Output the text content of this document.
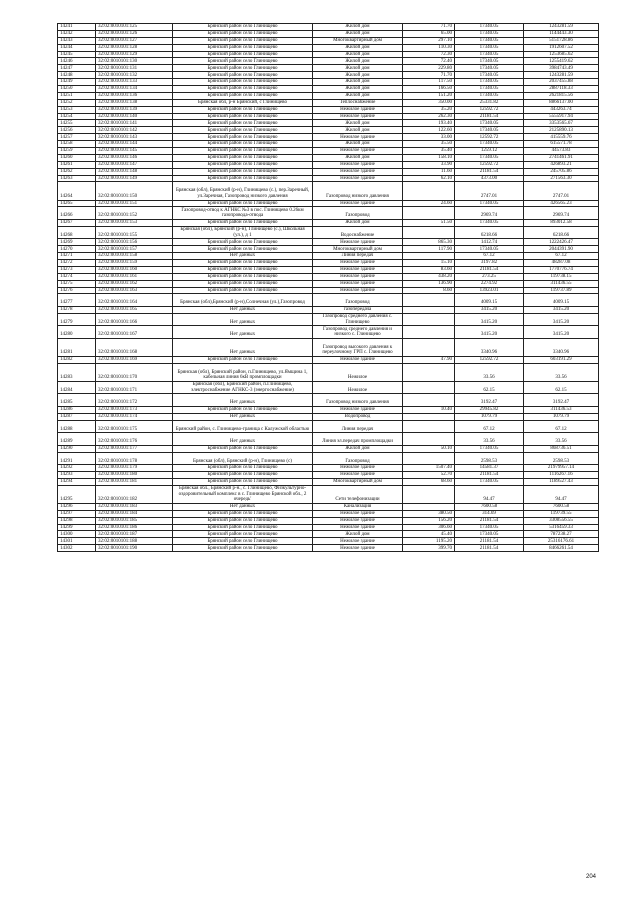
14241	32:02:0010101:125	Брянский район село Глинищево	Жилой дом	71.70	17340.05	1243281.59
14242	32:02:0010101:126	Брянский район село Глинищево	Жилой дом	65.00	17340.05	1144443.30
14243	32:02:0010101:127	Брянский район село Глинищево	Многоквартирный дом	297.10	17340.05	5151728.86
14244	32:02:0010101:128	Брянский район село Глинищево	Жилой дом	110.30	17340.05	1912607.52
14245	32:02:0010101:129	Брянский район село Глинищево	Жилой дом	72.30	17340.05	1253685.62
14246	32:02:0010101:130	Брянский район село Глинищево	Жилой дом	72.40	17340.05	1255419.62
14247	32:02:0010101:131	Брянский район село Глинищево	Жилой дом	229.80	17340.05	3984743.49
14248	32:02:0010101:132	Брянский район село Глинищево	Жилой дом	71.70	17340.05	1243281.59
14249	32:02:0010101:133	Брянский район село Глинищево	Жилой дом	117.50	17340.05	2037455.88
14250	32:02:0010101:134	Брянский район село Глинищево	Жилой дом	166.50	17340.05	2887118.33
14251	32:02:0010101:136	Брянский район село Глинищево	Жилой дом	151.20	17340.05	2621815.56
14252	32:02:0010101:138	Брянская обл, р-н Брянский, с Глинищево	Теплоснабжение	350.00	25331.82	8866137.00
14253	32:02:0010101:139	Брянский район село Глинищево	Нежилое здание	35.20	12592.72	443263.74
14254	32:02:0010101:140	Брянский район село Глинищево	Нежилое здание	262.30	21181.54	5555917.94
14255	32:02:0010101:141	Брянский район село Глинищево	Жилой дом	193.40	17340.05	3353565.67
14256	32:02:0010101:142	Брянский район село Глинищево	Жилой дом	122.60	17340.05	2125890.13
14257	32:02:0010101:143	Брянский район село Глинищево	Нежилое здание	33.00	12592.72	415559.76
14258	32:02:0010101:144	Брянский район село Глинищево	Жилой дом	35.50	17340.05	615571.78
14259	32:02:0010101:145	Брянский район село Глинищево	Нежилое здание	35.40	1259.12	44573.83
14260	32:02:0010101:146	Брянский район село Глинищево	Жилой дом	158.10	17340.05	2741461.91
14261	32:02:0010101:147	Брянский район село Глинищево	Нежилое здание	33.90	12592.72	426893.21
14262	32:02:0010101:148	Брянский район село Глинищево	Нежилое здание	11.60	21181.54	245705.86
14263	32:02:0010101:149	Брянский район село Глинищево	Нежилое здание	62.10	4373.00	271563.30
14264	32:02:0010101:150	Брянская (обл), Брянский (р-н), Глинищево (с.), пер.Заречный, ул.Заречная, Газопровод низкого давления	Газопровод низкого давления		2747.01	2747.01
14265	32:02:0010101:151	Брянский район село Глинищево	Нежилое здание	24.60	17340.05	426565.23
14266	32:02:0010101:152	Газопровод-отвод к АГНКС №3 в пос. Глинищево 0.26км газопровода-отвода	Газопровод		2969.74	2969.74
14267	32:02:0010101:153	Брянский район село Глинищево	Жилой дом	51.50	17340.05	893012.58
14268	32:02:0010101:155	Брянская (обл), Брянский (р-н), Глинищево (с.), Школьная (ул.), д 1	Водоснабжение		6218.66	6218.66
14269	32:02:0010101:156	Брянский район село Глинищево	Нежилое здание	865.30	1412.74	1222426.47
14270	32:02:0010101:157	Брянский район село Глинищево	Многоквартирный дом	117.90	17340.05	2044391.90
14271	32:02:0010101:158	Нет данных	Линия передач		67.12	67.12
14272	32:02:0010101:159	Брянский район село Глинищево	Нежилое здание	15.10	3197.82	48287.08
14273	32:02:0010101:160	Брянский район село Глинищево	Нежилое здание	83.60	21181.54	1770776.74
14274	32:02:0010101:161	Брянский район село Глинищево	Нежилое здание	438.20	273.25	119738.15
14275	32:02:0010101:162	Брянский район село Глинищево	Нежилое здание	136.90	2274.92	311436.55
14276	32:02:0010101:163	Брянский район село Глинищево	Нежилое здание	8.60	13923.01	119737.89
14277	32:02:0010101:164	Брянская (обл),Брянский (р-н),Солнечная (ул.),Газопровод	Газопровод		4009.15	4009.15
14278	32:02:0010101:165	Нет данных	газопередача		3415.20	3415.20
14279	32:02:0010101:166	Нет данных	Газопровод среднего давления с. Глинищево		3415.20	3415.20
14280	32:02:0010101:167	Нет данных	Газопровод среднего давления и низкого с. Глинищево		3415.20	3415.20
14281	32:02:0010101:168	Нет данных	Газопровод высокого давления к переулочному ГРП с. Глинищево		3340.96	3340.96
14282	32:02:0010101:169	Брянский район село Глинищево	Нежилое здание	47.90	12592.72	603191.29
14283	32:02:0010101:170	Брянская (обл), Брянский район, п.Глинищево, ул.Ямщина 1, кабельная линия 6кВ промплощадки	Нежилое		33.56	33.56
14284	32:02:0010101:171	Брянская (обл), Брянский район, п.Глинищево, электроснабжение АГНКС-3 (энергоснабжение)	Нежилое		62.15	62.15
14285	32:02:0010101:172	Нет данных	Газопровод низкого давления		3192.47	3192.47
14286	32:02:0010101:173	Брянский район село Глинищево	Нежилое здание	10.40	29945.82	311436.53
14287	32:02:0010101:174	Нет данных	Водопровод		1079.79	1079.79
14288	32:02:0010101:175	Брянский район, с. Глинищево-граница с Калужской областью	Линия передач		67.12	67.12
14289	32:02:0010101:176	Нет данных	Линия эл.передач промплощадки		33.56	33.56
14290	32:02:0010101:177	Брянский район село Глинищево	Жилой дом	50.10	17340.05	868736.51
14291	32:02:0010101:178	Брянская (обл), Брянский (р-н), Глинищево (с)	Газопровод		2598.53	2598.53
14292	32:02:0010101:179	Брянский район село Глинищево	Нежилое здание	1507.40	14581.37	21979957.14
14293	32:02:0010101:180	Брянский район село Глинищево	Нежилое здание	52.70	21181.54	1116267.16
14294	32:02:0010101:181	Брянский район село Глинищево	Многоквартирный дом	68.60	17340.05	1189527.43
14295	32:02:0010101:182	Брянская обл., Брянский р-н., с. Глинищево, Физкультурно-оздоровительный комплекс в с. Глинищево Брянской обл., 2 очередь'	Сети телефонизации		94.47	94.47
14296	32:02:0010101:183	Нет данных	Канализация		7600.58	7600.58
14297	32:02:0010101:184	Брянский район село Глинищево	Нежилое здание	380.50	314.69	119739.55
14298	32:02:0010101:185	Брянский район село Глинищево	Нежилое здание	156.20	21181.54	3308556.55
14299	32:02:0010101:186	Брянский район село Глинищево	Нежилое здание	306.60	17340.05	5316459.33
14300	32:02:0010101:187	Брянский район село Глинищево	Жилой дом	45.40	17340.05	787238.27
14301	32:02:0010101:188	Брянский район село Глинищево	Нежилое здание	1195.20	21181.54	25316176.61
14302	32:02:0010101:190	Брянский район село Глинищево	Нежилое здание	399.70	21181.54	8466261.54
204
